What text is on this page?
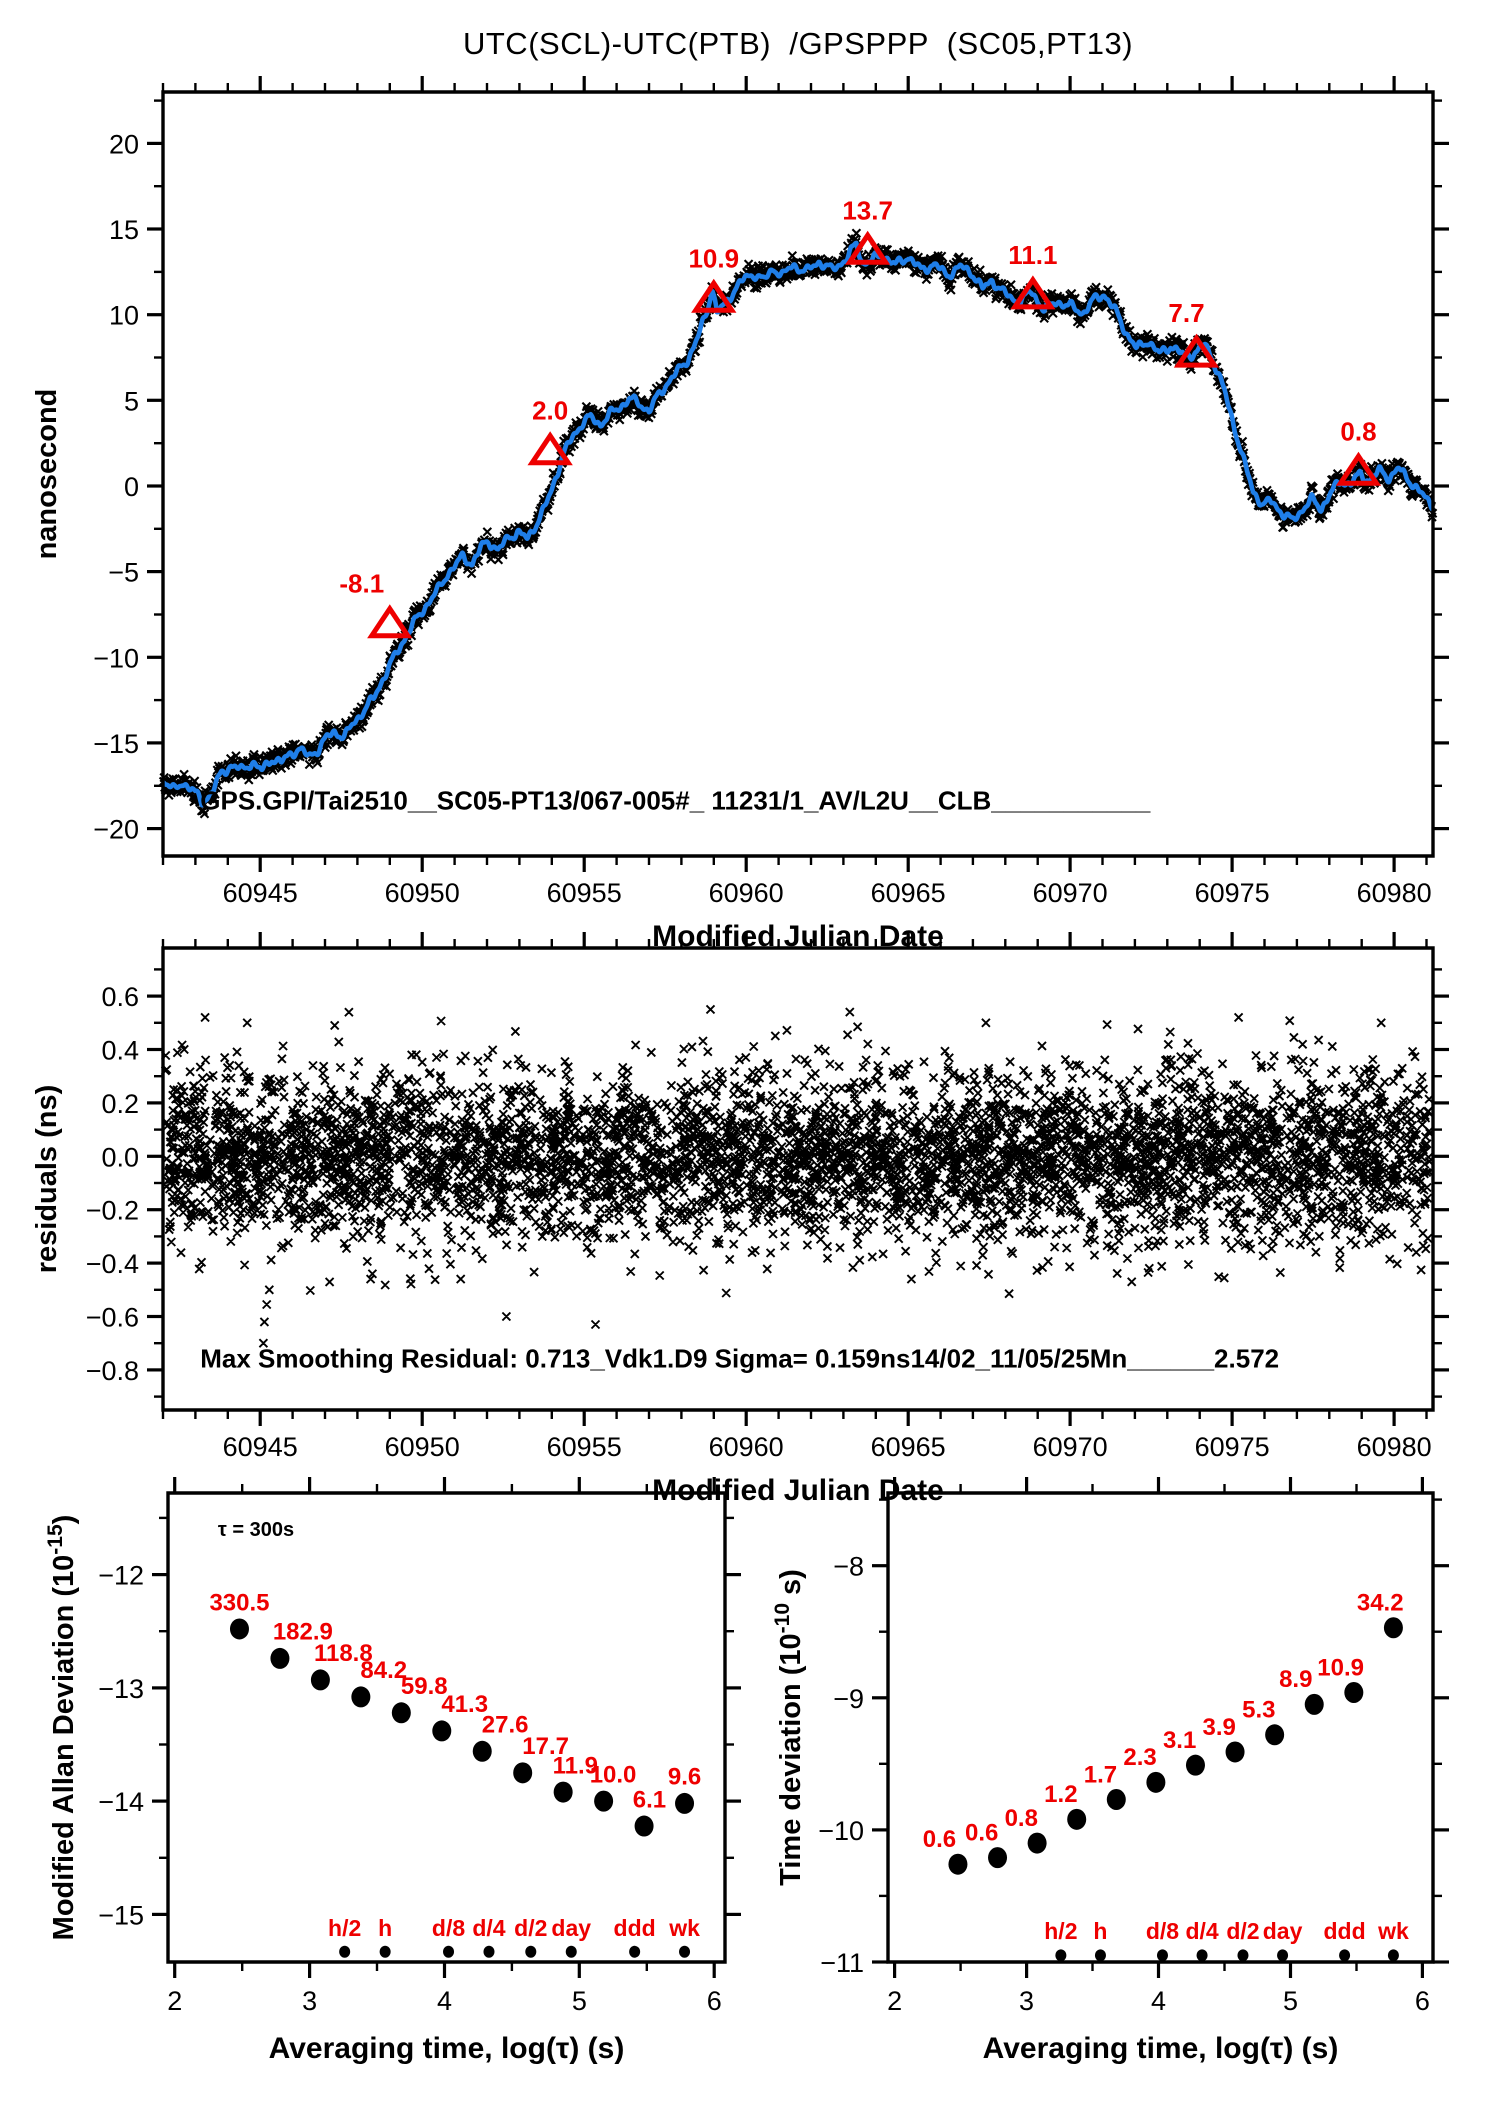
UTC(SCL)-UTC(PTB)  /GPSPPP  (SC05,PT13)
-8.1
2.0
10.9
13.7
11.1
7.7
0.8
GPS.GPI/Tai2510__SC05-PT13/067-005#_ 11231/1_AV/L2U__CLB___________
60945	60950	60955	60960	60965	60970	60975	60980
−20
−15
−10
−5
0
5
10
15
20
Modified Julian Date
nanosecond
Max Smoothing Residual: 0.713_Vdk1.D9 Sigma= 0.159ns14/02_11/05/25Mn______2.572
60945	60950	60955	60960	60965	60970	60975	60980
−0.8
−0.6
−0.4
−0.2
0.0
0.2
0.4
0.6
Modified Julian Date
residuals (ns)
330.5
182.9
118.8
84.2
59.8
41.3
27.6
17.7
11.9
10.0
6.1
9.6
h/2 h d/8 d/4 d/2 day ddd wk
τ = 300s
2	3	4	5	6
−15
−14
−13
−12
Averaging time, log(τ) (s)
Modified Allan Deviation $(10^{-15})$
0.6 0.6
0.8
1.2
1.7
2.3
3.1 3.9
5.3
8.9 10.9
34.2
h/2 h d/8 d/4 d/2 day ddd wk
2	3	4	5	6
−11
−10
−9
−8
Averaging time, log(τ) (s)
Time deviation ($10^{-10}$ s)
